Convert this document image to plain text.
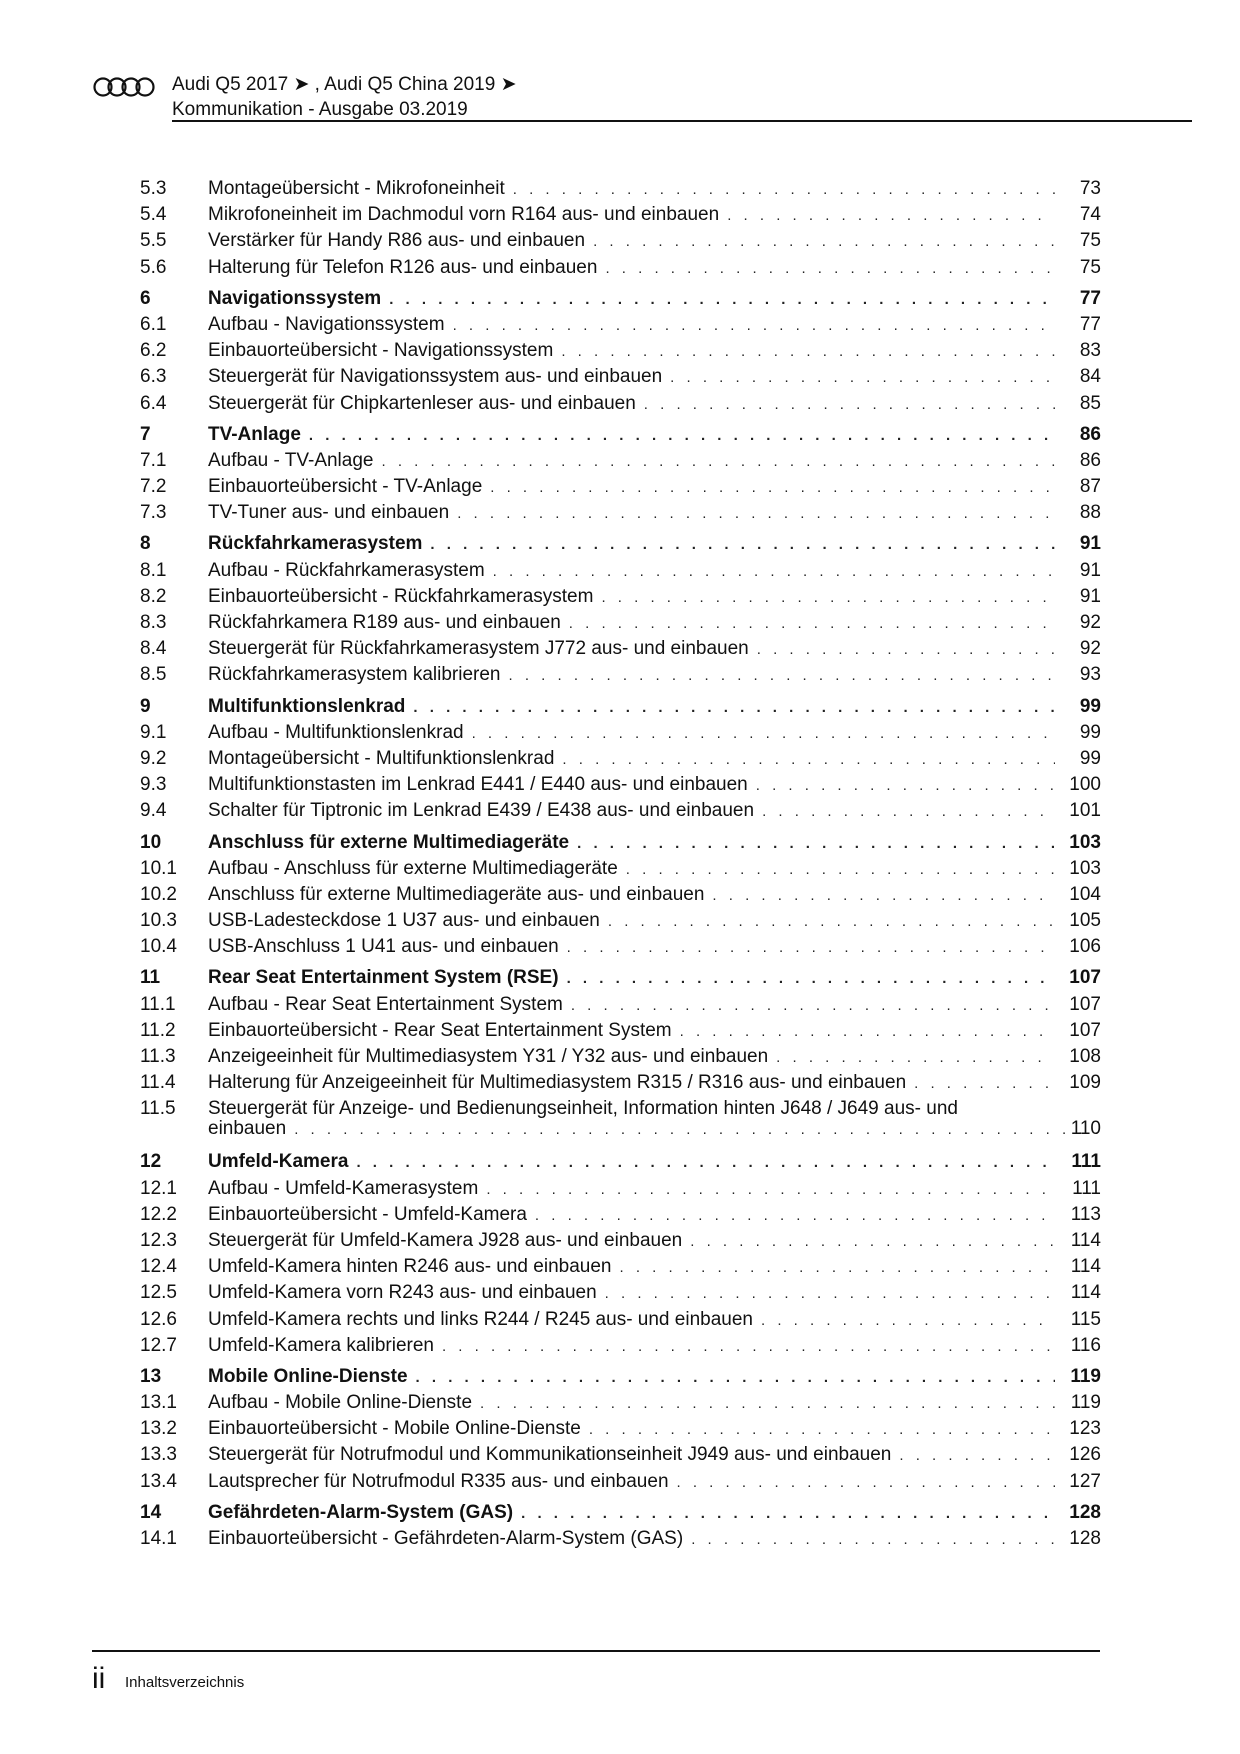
Audi Q5 2017 ➤ , Audi Q5 China 2019 ➤
Kommunikation - Ausgabe 03.2019
5.3 Montageübersicht - Mikrofoneinheit . . .	73
5.4 Mikrofoneinheit im Dachmodul vorn R164 aus- und einbauen . . .	74
5.5 Verstärker für Handy R86 aus- und einbauen . . .	75
5.6 Halterung für Telefon R126 aus- und einbauen . . .	75
6	Navigationssystem . . .	77
6.1 Aufbau - Navigationssystem . . .	77
6.2 Einbauorteübersicht - Navigationssystem . . .	83
6.3 Steuergerät für Navigationssystem aus- und einbauen . . .	84
6.4 Steuergerät für Chipkartenleser aus- und einbauen . . .	85
7	TV-Anlage . . .	86
7.1 Aufbau - TV-Anlage . . .	86
7.2 Einbauorteübersicht - TV-Anlage . . .	87
7.3 TV-Tuner aus- und einbauen . . .	88
8	Rückfahrkamerasystem . . .	91
8.1 Aufbau - Rückfahrkamerasystem . . .	91
8.2 Einbauorteübersicht - Rückfahrkamerasystem . . .	91
8.3 Rückfahrkamera R189 aus- und einbauen . . .	92
8.4 Steuergerät für Rückfahrkamerasystem J772 aus- und einbauen . . .	92
8.5 Rückfahrkamerasystem kalibrieren . . .	93
9	Multifunktionslenkrad . . .	99
9.1 Aufbau - Multifunktionslenkrad . . .	99
9.2 Montageübersicht - Multifunktionslenkrad . . .	99
9.3 Multifunktionstasten im Lenkrad E441 / E440 aus- und einbauen . . .	100
9.4 Schalter für Tiptronic im Lenkrad E439 / E438 aus- und einbauen . . .	101
10 Anschluss für externe Multimediageräte . . .	103
10.1 Aufbau - Anschluss für externe Multimediageräte . . .	103
10.2 Anschluss für externe Multimediageräte aus- und einbauen . . .	104
10.3 USB-Ladesteckdose 1 U37 aus- und einbauen . . .	105
10.4 USB-Anschluss 1 U41 aus- und einbauen . . .	106
11	Rear Seat Entertainment System (RSE) . . .	107
11.1 Aufbau - Rear Seat Entertainment System . . .	107
11.2 Einbauorteübersicht - Rear Seat Entertainment System . . .	107
11.3 Anzeigeeinheit für Multimediasystem Y31 / Y32 aus- und einbauen . . .	108
11.4 Halterung für Anzeigeeinheit für Multimediasystem R315 / R316 aus- und einbauen . . .	109
11.5 Steuergerät für Anzeige- und Bedienungseinheit, Information hinten J648 / J649 aus- und
einbauen . . .	110
12 Umfeld-Kamera . . .	111
12.1 Aufbau - Umfeld-Kamerasystem . . .	111
12.2 Einbauorteübersicht - Umfeld-Kamera . . .	113
12.3 Steuergerät für Umfeld-Kamera J928 aus- und einbauen . . .	114
12.4 Umfeld-Kamera hinten R246 aus- und einbauen . . .	114
12.5 Umfeld-Kamera vorn R243 aus- und einbauen . . .	114
12.6 Umfeld-Kamera rechts und links R244 / R245 aus- und einbauen . . .	115
12.7 Umfeld-Kamera kalibrieren . . .	116
13 Mobile Online-Dienste . . .	119
13.1 Aufbau - Mobile Online-Dienste . . .	119
13.2 Einbauorteübersicht - Mobile Online-Dienste . . .	123
13.3 Steuergerät für Notrufmodul und Kommunikationseinheit J949 aus- und einbauen . . .	126
13.4 Lautsprecher für Notrufmodul R335 aus- und einbauen . . .	127
14 Gefährdeten-Alarm-System (GAS) . . .	128
14.1 Einbauorteübersicht - Gefährdeten-Alarm-System (GAS) . . .	128
ii Inhaltsverzeichnis
